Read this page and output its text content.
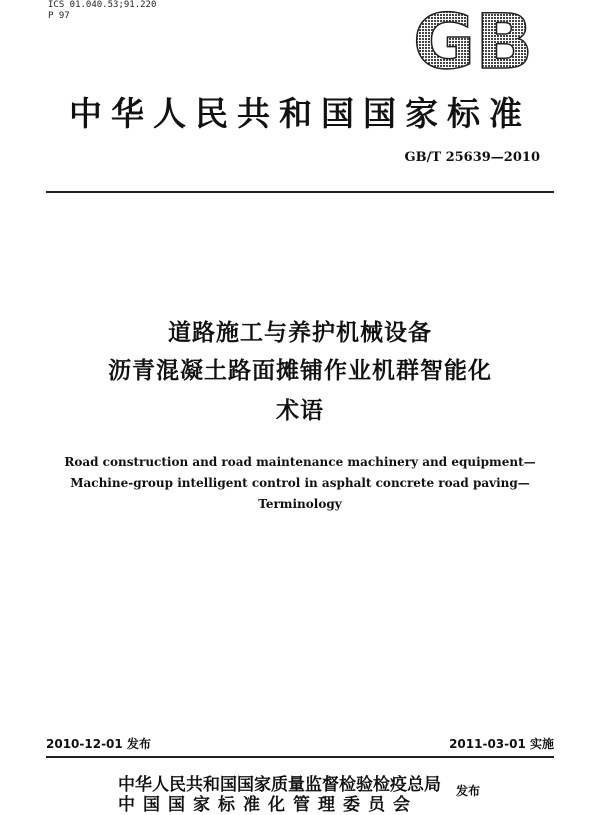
ICS 01.040.53;91.220
P 97	GB
中华人民共和国国家标准
GB/T 25639—2010
道路施工与养护机械设备
沥青混凝土路面摊铺作业机群智能化
术语
Road construction and road maintenance machinery and equipment—
Machine-group intelligent control in asphalt concrete road paving—
Terminology
2010-12-01 发布	2011-03-01 实施
中华人民共和国国家质量监督检验检疫总局
中国国家标准化管理委员会
发布
